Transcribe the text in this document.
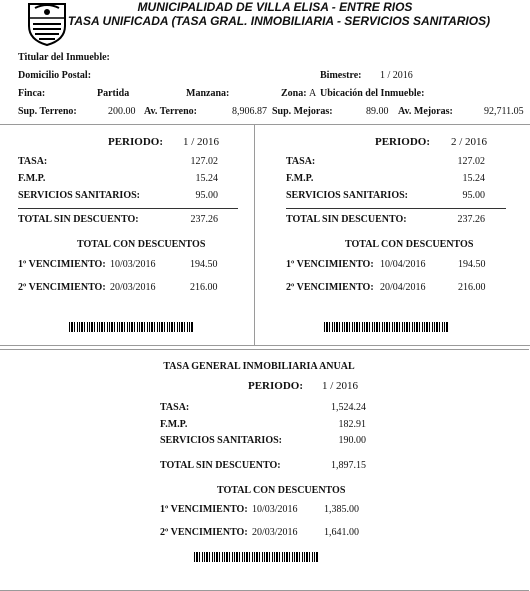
MUNICIPALIDAD DE VILLA ELISA - ENTRE RIOS
TASA UNIFICADA (TASA GRAL. INMOBILIARIA - SERVICIOS SANITARIOS)
Titular del Inmueble:
Domicilio Postal:	Bimestre: 1 / 2016
Finca:	Partida	Manzana:	Zona: A Ubicación del Inmueble:
Sup. Terreno:	200.00 Av. Terreno:	8,906.87 Sup. Mejoras:	89.00 Av. Mejoras:	92,711.05
PERIODO: 1 / 2016
TASA:	127.02
F.M.P.	15.24
SERVICIOS SANITARIOS:	95.00
TOTAL SIN DESCUENTO:	237.26
TOTAL CON DESCUENTOS
1º VENCIMIENTO: 10/03/2016	194.50
2º VENCIMIENTO: 20/03/2016	216.00
PERIODO: 2 / 2016
TASA:	127.02
F.M.P.	15.24
SERVICIOS SANITARIOS:	95.00
TOTAL SIN DESCUENTO:	237.26
TOTAL CON DESCUENTOS
1º VENCIMIENTO: 10/04/2016	194.50
2º VENCIMIENTO: 20/04/2016	216.00
TASA GENERAL INMOBILIARIA ANUAL
PERIODO: 1 / 2016
TASA:	1,524.24
F.M.P.	182.91
SERVICIOS SANITARIOS:	190.00
TOTAL SIN DESCUENTO:	1,897.15
TOTAL CON DESCUENTOS
1º VENCIMIENTO: 10/03/2016	1,385.00
2º VENCIMIENTO: 20/03/2016	1,641.00
